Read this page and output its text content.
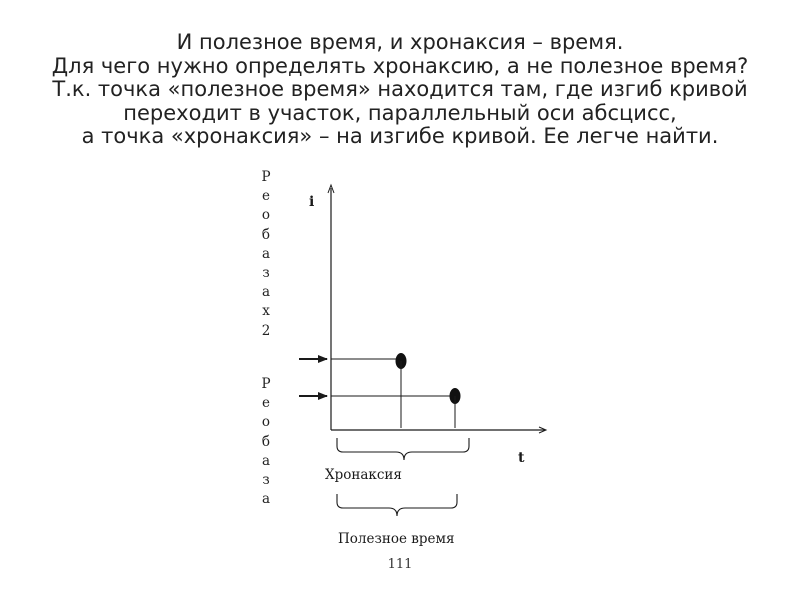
И полезное время, и хронаксия – время.
Для чего нужно определять хронаксию, а не полезное время?
Т.к. точка «полезное время» находится там, где изгиб кривой
переходит в участок, параллельный оси абсцисс,
а точка «хронаксия» – на изгибе кривой. Ее легче найти.
Р
е
о
б
а
з
а
х
2
Р
е
о
б
а
з
а
i
t
Хронаксия
Полезное время
111
